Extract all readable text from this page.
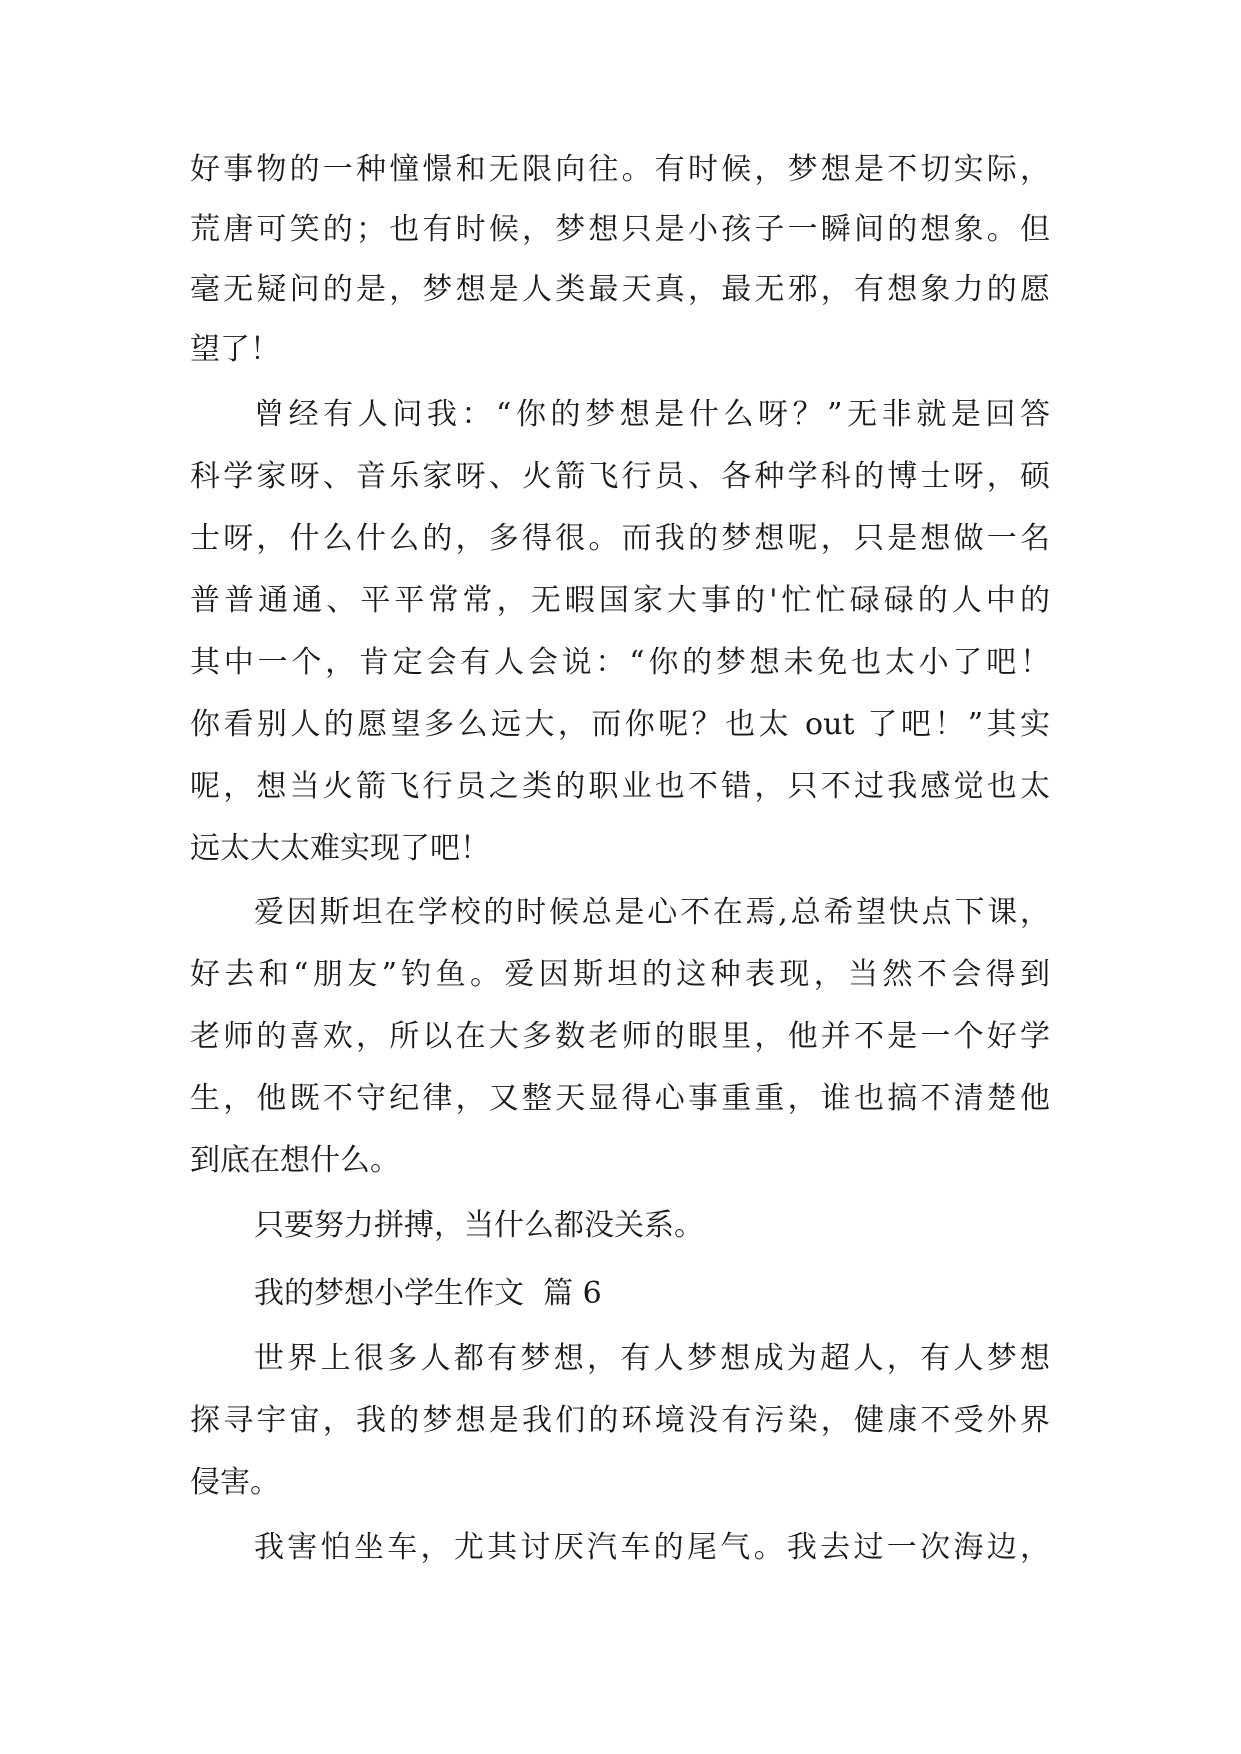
好事物的一种憧憬和无限向往。有时候，梦想是不切实际，
荒唐可笑的；也有时候，梦想只是小孩子一瞬间的想象。但
毫无疑问的是，梦想是人类最天真，最无邪，有想象力的愿
望了！
曾经有人问我：“你的梦想是什么呀？”无非就是回答
科学家呀、音乐家呀、火箭飞行员、各种学科的博士呀，硕
士呀，什么什么的，多得很。而我的梦想呢，只是想做一名
普普通通、平平常常，无暇国家大事的'忙忙碌碌的人中的
其中一个，肯定会有人会说：“你的梦想未免也太小了吧！
你看别人的愿望多么远大，而你呢？也太 out 了吧！”其实
呢，想当火箭飞行员之类的职业也不错，只不过我感觉也太
远太大太难实现了吧！
爱因斯坦在学校的时候总是心不在焉,总希望快点下课，
好去和“朋友”钓鱼。爱因斯坦的这种表现，当然不会得到
老师的喜欢，所以在大多数老师的眼里，他并不是一个好学
生，他既不守纪律，又整天显得心事重重，谁也搞不清楚他
到底在想什么。
只要努力拼搏，当什么都没关系。
我的梦想小学生作文  篇 6
世界上很多人都有梦想，有人梦想成为超人，有人梦想
探寻宇宙，我的梦想是我们的环境没有污染，健康不受外界
侵害。
我害怕坐车，尤其讨厌汽车的尾气。我去过一次海边，
